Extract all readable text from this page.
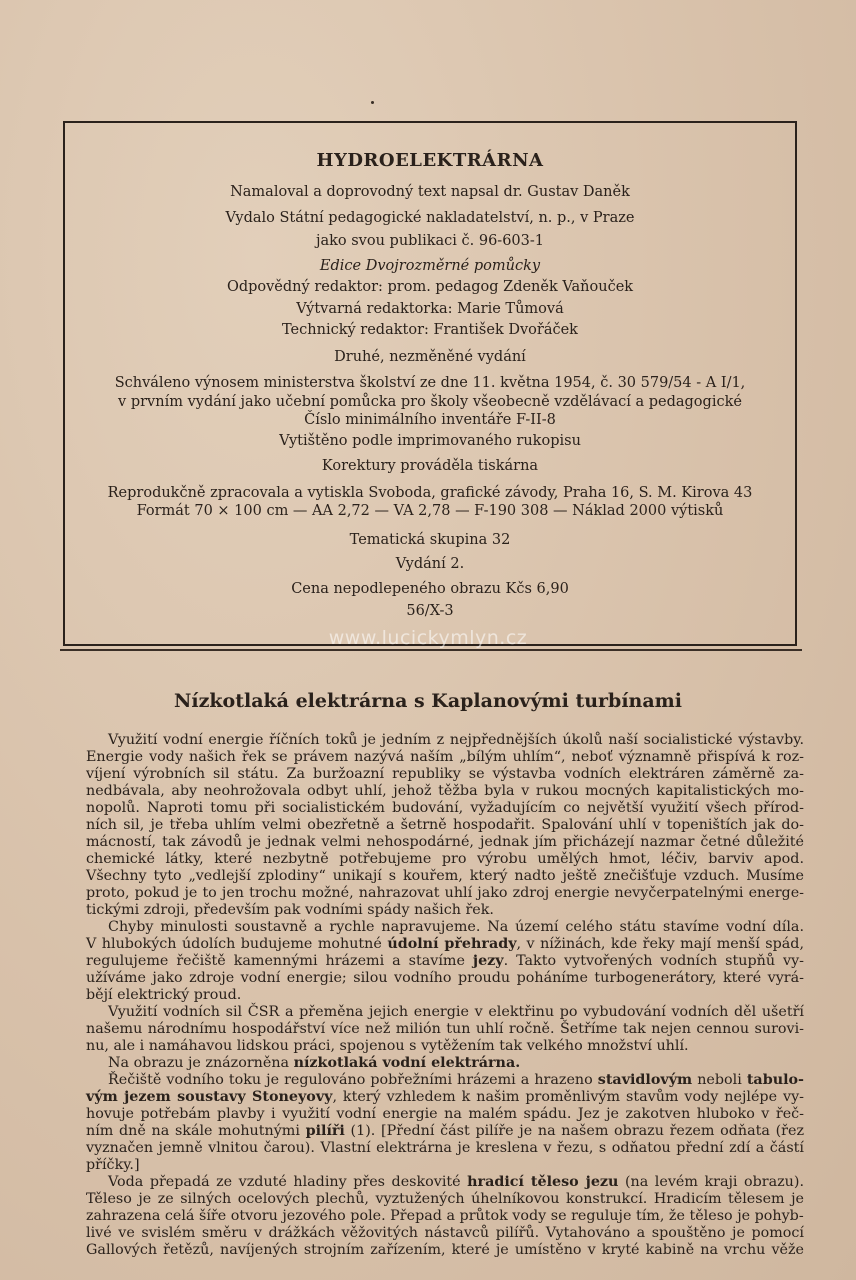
HYDROELEKTRÁRNA
Namaloval a doprovodný text napsal dr. Gustav Daněk
Vydalo Státní pedagogické nakladatelství, n. p., v Praze
jako svou publikaci č. 96-603-1
Edice Dvojrozměrné pomůcky
Odpovědný redaktor: prom. pedagog Zdeněk Vaňouček
Výtvarná redaktorka: Marie Tůmová
Technický redaktor: František Dvořáček
Druhé, nezměněné vydání
Schváleno výnosem ministerstva školství ze dne 11. května 1954, č. 30 579/54 - A I/1,
v prvním vydání jako učební pomůcka pro školy všeobecně vzdělávací a pedagogické
Číslo minimálního inventáře F-II-8
Vytištěno podle imprimovaného rukopisu
Korektury prováděla tiskárna
Reprodukčně zpracovala a vytiskla Svoboda, grafické závody, Praha 16, S. M. Kirova 43
Formát 70 × 100 cm — AA 2,72 — VA 2,78 — F-190 308 — Náklad 2000 výtisků
Tematická skupina 32
Vydání 2.
Cena nepodlepeného obrazu Kčs 6,90
56/X-3
www.lucickymlyn.cz
Nízkotlaká elektrárna s Kaplanovými turbínami
Využití vodní energie říčních toků je jedním z nejpřednějších úkolů naší socialistické výstavby.
Energie vody našich řek se právem nazývá naším „bílým uhlím“, neboť významně přispívá k roz-
víjení výrobních sil státu. Za buržoazní republiky se výstavba vodních elektráren záměrně za-
nedbávala, aby neohrožovala odbyt uhlí, jehož těžba byla v rukou mocných kapitalistických mo-
nopolů. Naproti tomu při socialistickém budování, vyžadujícím co největší využití všech přírod-
ních sil, je třeba uhlím velmi obezřetně a šetrně hospodařit. Spalování uhlí v topeništích jak do-
mácností, tak závodů je jednak velmi nehospodárné, jednak jím přicházejí nazmar četné důležité
chemické látky, které nezbytně potřebujeme pro výrobu umělých hmot, léčiv, barviv apod.
Všechny tyto „vedlejší zplodiny“ unikají s kouřem, který nadto ještě znečišťuje vzduch. Musíme
proto, pokud je to jen trochu možné, nahrazovat uhlí jako zdroj energie nevyčerpatelnými energe-
tickými zdroji, především pak vodními spády našich řek.
Chyby minulosti soustavně a rychle napravujeme. Na území celého státu stavíme vodní díla.
V hlubokých údolích budujeme mohutné údolní přehrady, v nížinách, kde řeky mají menší spád,
regulujeme řečiště kamennými hrázemi a stavíme jezy. Takto vytvořených vodních stupňů vy-
užíváme jako zdroje vodní energie; silou vodního proudu poháníme turbogenerátory, které vyrá-
bějí elektrický proud.
Využití vodních sil ČSR a přeměna jejich energie v elektřinu po vybudování vodních děl ušetří
našemu národnímu hospodářství více než milión tun uhlí ročně. Šetříme tak nejen cennou surovi-
nu, ale i namáhavou lidskou práci, spojenou s vytěžením tak velkého množství uhlí.
Na obrazu je znázorněna nízkotlaká vodní elektrárna.
Řečiště vodního toku je regulováno pobřežními hrázemi a hrazeno stavidlovým neboli tabulo-
vým jezem soustavy Stoneyovy, který vzhledem k našim proměnlivým stavům vody nejlépe vy-
hovuje potřebám plavby i využití vodní energie na malém spádu. Jez je zakotven hluboko v řeč-
ním dně na skále mohutnými pilíři (1). [Přední část pilíře je na našem obrazu řezem odňata (řez
vyznačen jemně vlnitou čarou). Vlastní elektrárna je kreslena v řezu, s odňatou přední zdí a částí
příčky.]
Voda přepadá ze vzduté hladiny přes deskovité hradicí těleso jezu (na levém kraji obrazu).
Těleso je ze silných ocelových plechů, vyztužených úhelníkovou konstrukcí. Hradicím tělesem je
zahrazena celá šíře otvoru jezového pole. Přepad a průtok vody se reguluje tím, že těleso je pohyb-
livé ve svislém směru v drážkách věžovitých nástavců pilířů. Vytahováno a spouštěno je pomocí
Gallových řetězů, navíjených strojním zařízením, které je umístěno v kryté kabině na vrchu věže
